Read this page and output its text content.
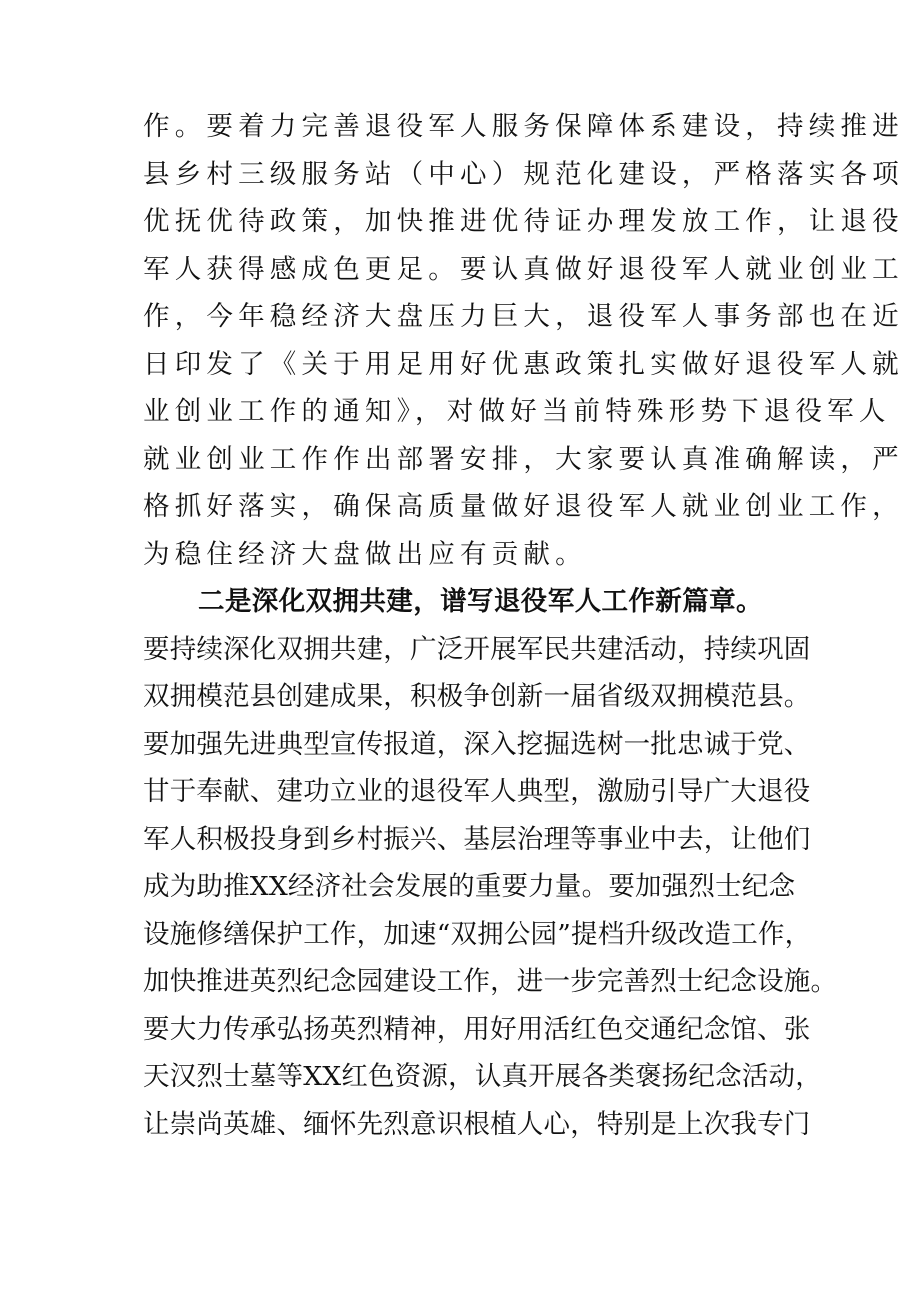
作。要着力完善退役军人服务保障体系建设，持续推进
县乡村三级服务站（中心）规范化建设，严格落实各项
优抚优待政策，加快推进优待证办理发放工作，让退役
军人获得感成色更足。要认真做好退役军人就业创业工
作，今年稳经济大盘压力巨大，退役军人事务部也在近
日印发了《关于用足用好优惠政策扎实做好退役军人就
业创业工作的通知》，对做好当前特殊形势下退役军人
就业创业工作作出部署安排，大家要认真准确解读，严
格抓好落实，确保高质量做好退役军人就业创业工作，
为稳住经济大盘做出应有贡献。
二是深化双拥共建，谱写退役军人工作新篇章。
要持续深化双拥共建，广泛开展军民共建活动，持续巩固
双拥模范县创建成果，积极争创新一届省级双拥模范县。
要加强先进典型宣传报道，深入挖掘选树一批忠诚于党、
甘于奉献、建功立业的退役军人典型，激励引导广大退役
军人积极投身到乡村振兴、基层治理等事业中去，让他们
成为助推XX经济社会发展的重要力量。要加强烈士纪念
设施修缮保护工作，加速“双拥公园”提档升级改造工作，
加快推进英烈纪念园建设工作，进一步完善烈士纪念设施。
要大力传承弘扬英烈精神，用好用活红色交通纪念馆、张
天汉烈士墓等XX红色资源，认真开展各类褒扬纪念活动，
让崇尚英雄、缅怀先烈意识根植人心，特别是上次我专门
